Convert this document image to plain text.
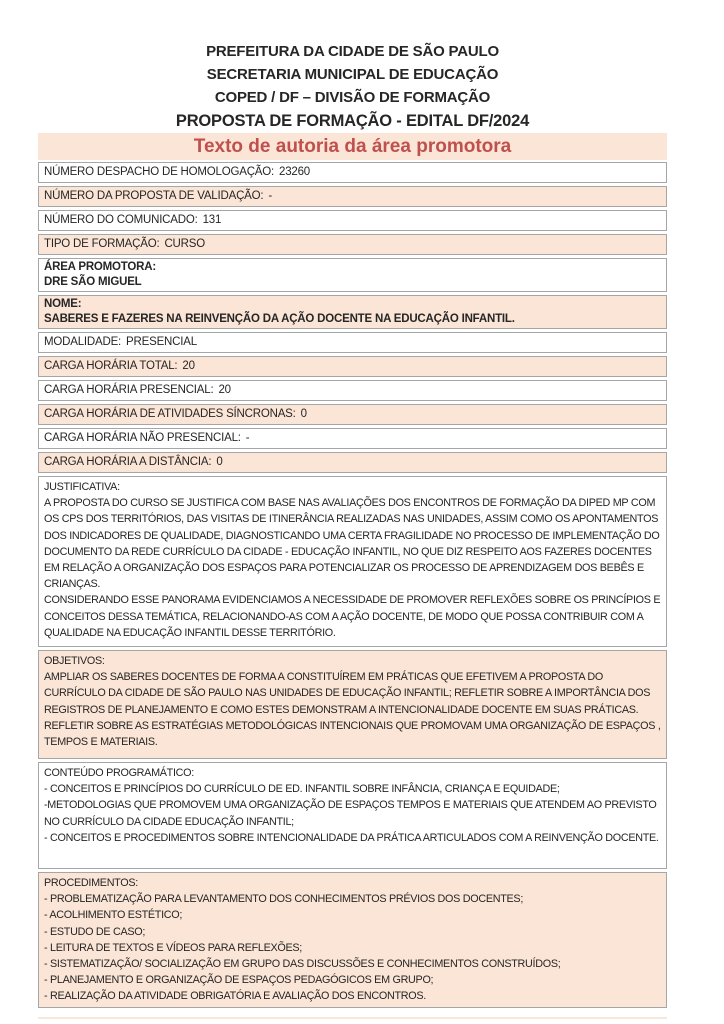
PREFEITURA DA CIDADE DE SÃO PAULO
SECRETARIA MUNICIPAL DE EDUCAÇÃO
COPED / DF – DIVISÃO DE FORMAÇÃO
PROPOSTA DE FORMAÇÃO - EDITAL DF/2024
Texto de autoria da área promotora
NÚMERO DESPACHO DE HOMOLOGAÇÃO: 23260
NÚMERO DA PROPOSTA DE VALIDAÇÃO: -
NÚMERO DO COMUNICADO: 131
TIPO DE FORMAÇÃO: CURSO
ÁREA PROMOTORA:
DRE SÃO MIGUEL
NOME:
SABERES E FAZERES NA REINVENÇÃO DA AÇÃO DOCENTE NA EDUCAÇÃO INFANTIL.
MODALIDADE: PRESENCIAL
CARGA HORÁRIA TOTAL: 20
CARGA HORÁRIA PRESENCIAL: 20
CARGA HORÁRIA DE ATIVIDADES SÍNCRONAS: 0
CARGA HORÁRIA NÃO PRESENCIAL: -
CARGA HORÁRIA A DISTÂNCIA: 0
JUSTIFICATIVA:
A PROPOSTA DO CURSO SE JUSTIFICA COM BASE NAS AVALIAÇÕES DOS ENCONTROS DE FORMAÇÃO DA DIPED MP COM OS CPS DOS TERRITÓRIOS, DAS VISITAS DE ITINERÂNCIA REALIZADAS NAS UNIDADES, ASSIM COMO OS APONTAMENTOS DOS INDICADORES DE QUALIDADE, DIAGNOSTICANDO UMA CERTA FRAGILIDADE NO PROCESSO DE IMPLEMENTAÇÃO DO DOCUMENTO DA REDE CURRÍCULO DA CIDADE - EDUCAÇÃO INFANTIL, NO QUE DIZ RESPEITO AOS FAZERES DOCENTES EM RELAÇÃO A ORGANIZAÇÃO DOS ESPAÇOS PARA POTENCIALIZAR OS PROCESSO DE APRENDIZAGEM DOS BEBÊS E CRIANÇAS.
CONSIDERANDO ESSE PANORAMA EVIDENCIAMOS A NECESSIDADE DE PROMOVER REFLEXÕES SOBRE OS PRINCÍPIOS E CONCEITOS DESSA TEMÁTICA, RELACIONANDO-AS COM A AÇÃO DOCENTE, DE MODO QUE POSSA CONTRIBUIR COM A QUALIDADE NA EDUCAÇÃO INFANTIL DESSE TERRITÓRIO.
OBJETIVOS:
AMPLIAR OS SABERES DOCENTES DE FORMA A CONSTITUÍREM EM PRÁTICAS QUE EFETIVEM A PROPOSTA DO CURRÍCULO DA CIDADE DE SÃO PAULO NAS UNIDADES DE EDUCAÇÃO INFANTIL; REFLETIR SOBRE A IMPORTÂNCIA DOS REGISTROS DE PLANEJAMENTO E COMO ESTES DEMONSTRAM A INTENCIONALIDADE DOCENTE EM SUAS PRÁTICAS.
REFLETIR SOBRE AS ESTRATÉGIAS METODOLÓGICAS INTENCIONAIS QUE PROMOVAM UMA ORGANIZAÇÃO DE ESPAÇOS , TEMPOS E MATERIAIS.
CONTEÚDO PROGRAMÁTICO:
- CONCEITOS E PRINCÍPIOS DO CURRÍCULO DE ED. INFANTIL SOBRE INFÂNCIA, CRIANÇA E EQUIDADE;
-METODOLOGIAS QUE PROMOVEM UMA ORGANIZAÇÃO DE ESPAÇOS TEMPOS E MATERIAIS QUE ATENDEM AO PREVISTO NO CURRÍCULO DA CIDADE EDUCAÇÃO INFANTIL;
- CONCEITOS E PROCEDIMENTOS SOBRE INTENCIONALIDADE DA PRÁTICA ARTICULADOS COM A REINVENÇÃO DOCENTE.
PROCEDIMENTOS:
- PROBLEMATIZAÇÃO PARA LEVANTAMENTO DOS CONHECIMENTOS PRÉVIOS DOS DOCENTES;
- ACOLHIMENTO ESTÉTICO;
- ESTUDO DE CASO;
- LEITURA DE TEXTOS E VÍDEOS PARA REFLEXÕES;
- SISTEMATIZAÇÃO/ SOCIALIZAÇÃO EM GRUPO DAS DISCUSSÕES E CONHECIMENTOS CONSTRUÍDOS;
- PLANEJAMENTO E ORGANIZAÇÃO DE ESPAÇOS PEDAGÓGICOS EM GRUPO;
- REALIZAÇÃO DA ATIVIDADE OBRIGATÓRIA E AVALIAÇÃO DOS ENCONTROS.
